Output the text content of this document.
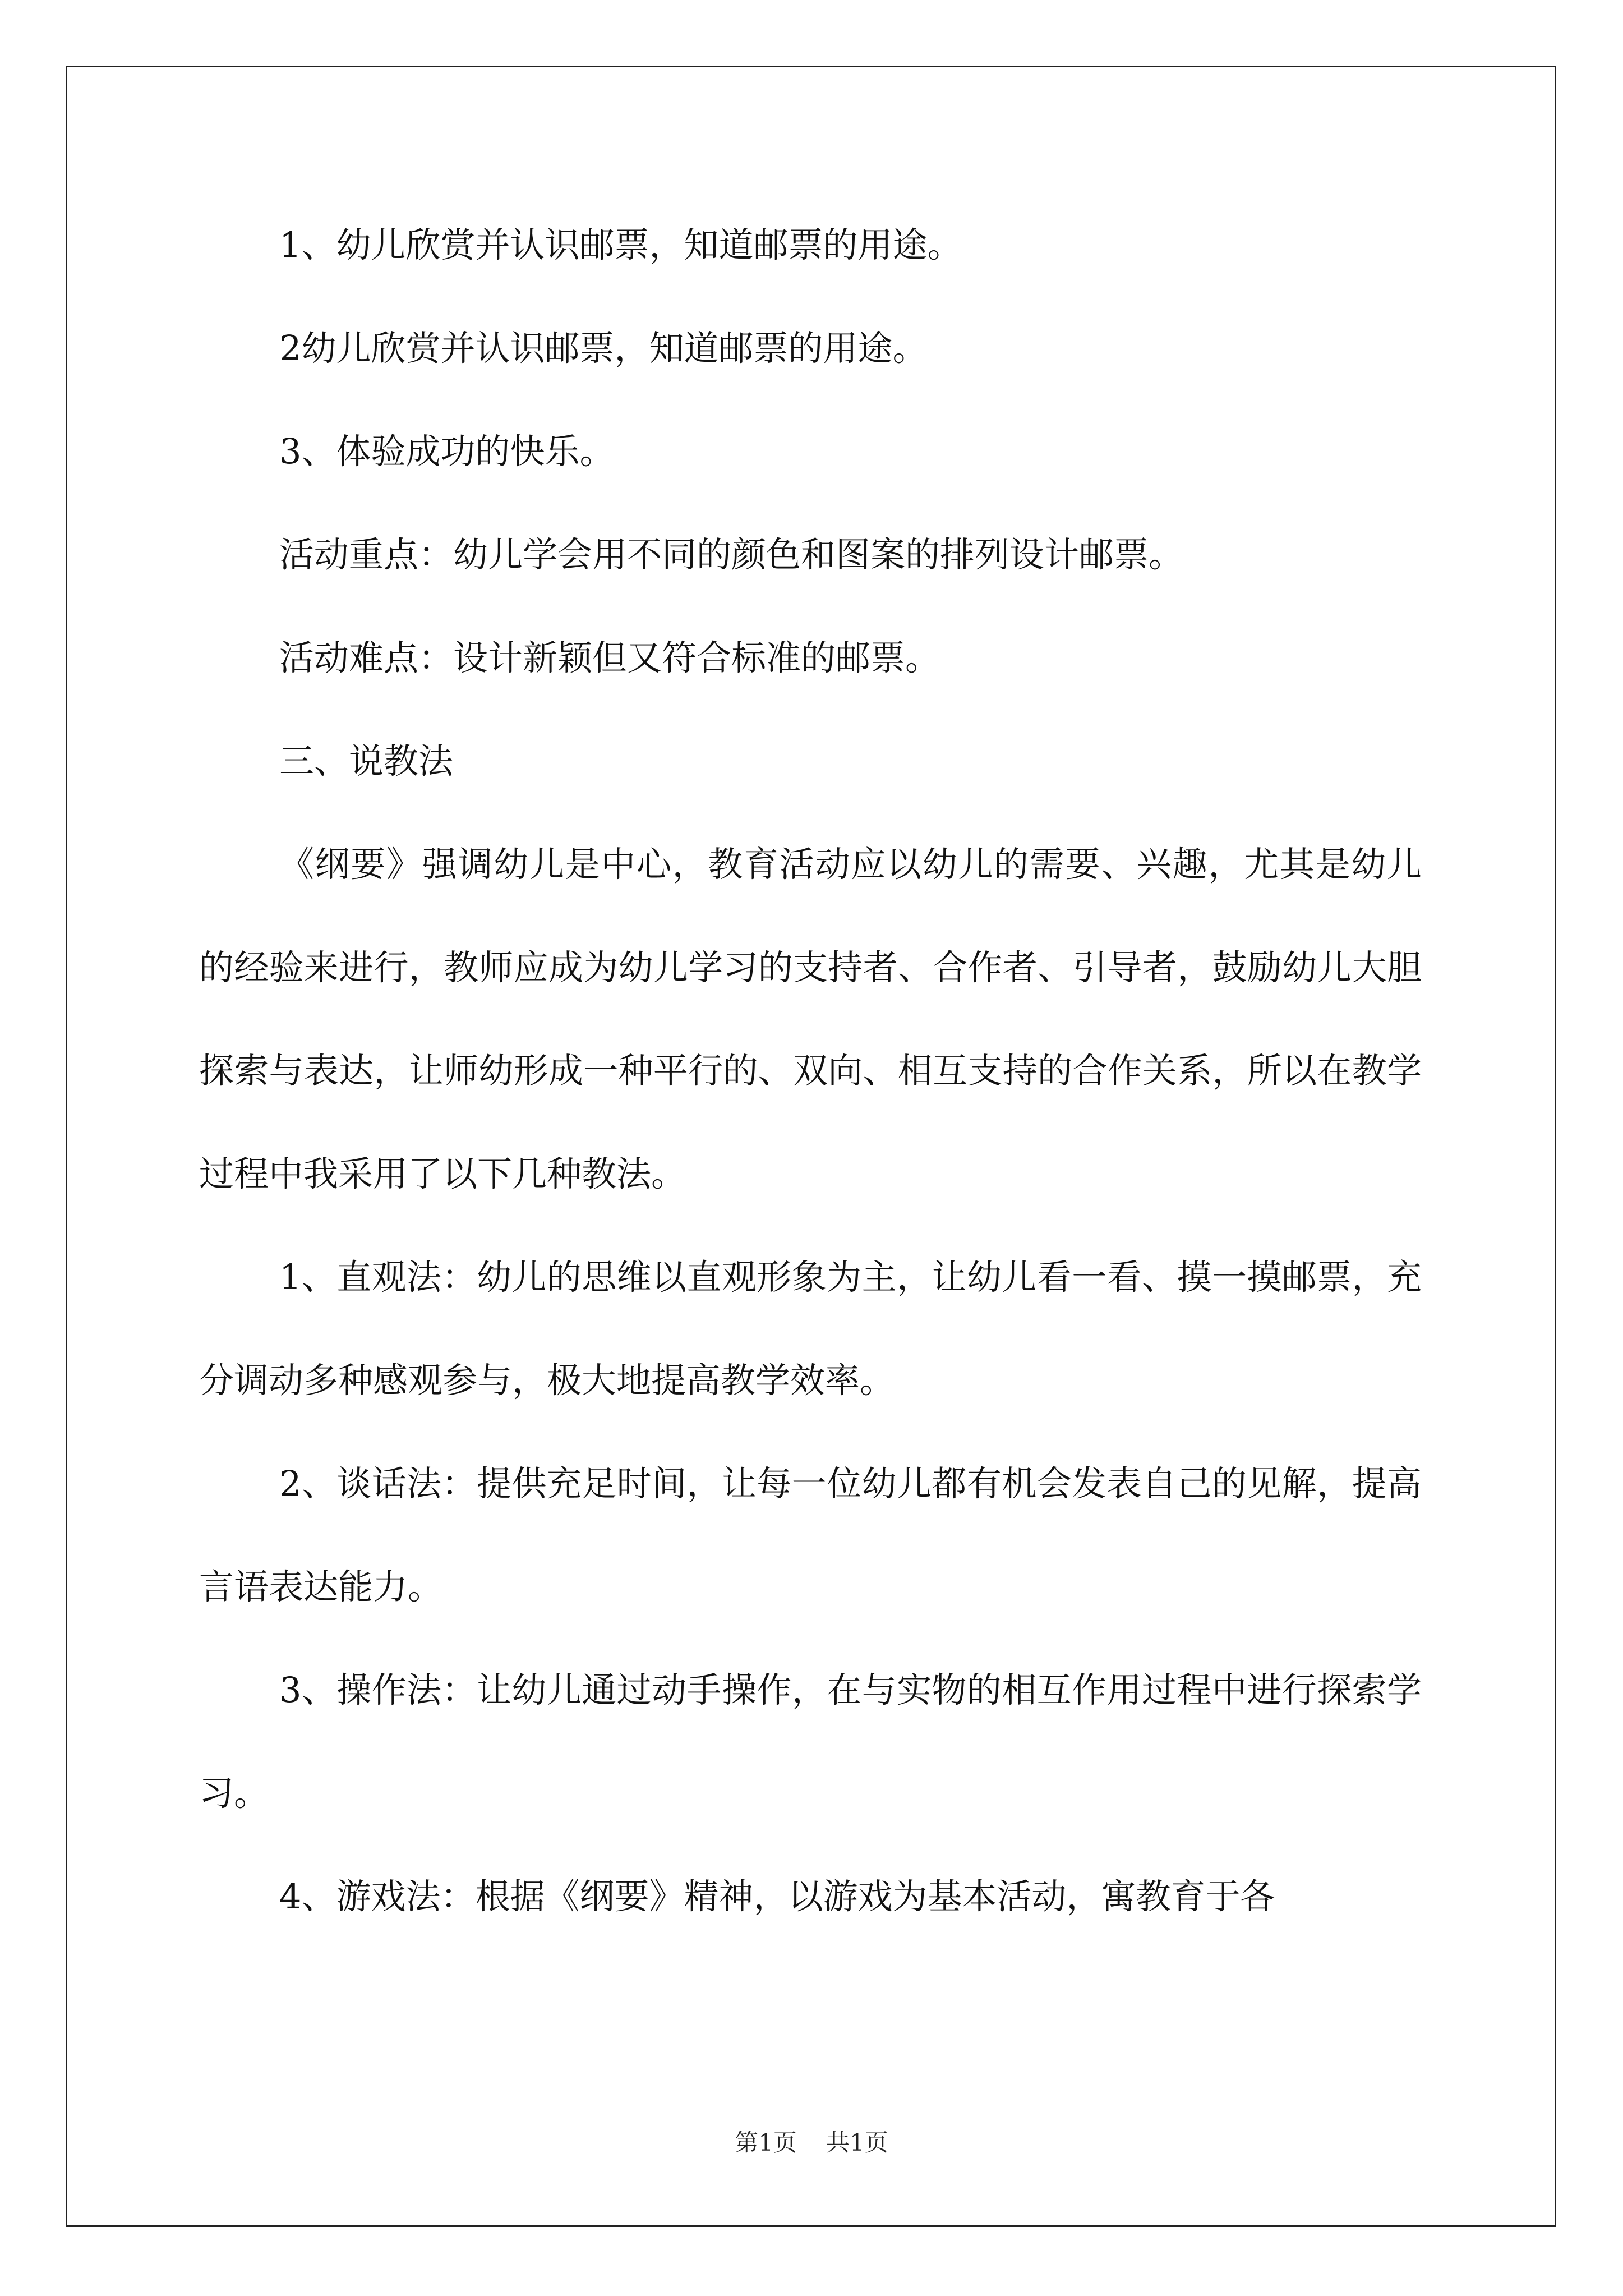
1、幼儿欣赏并认识邮票，知道邮票的用途。

2幼儿欣赏并认识邮票，知道邮票的用途。

3、体验成功的快乐。

活动重点：幼儿学会用不同的颜色和图案的排列设计邮票。

活动难点：设计新颖但又符合标准的邮票。

三、说教法

《纲要》强调幼儿是中心，教育活动应以幼儿的需要、兴趣，尤其是幼儿的经验来进行，教师应成为幼儿学习的支持者、合作者、引导者，鼓励幼儿大胆探索与表达，让师幼形成一种平行的、双向、相互支持的合作关系，所以在教学过程中我采用了以下几种教法。

1、直观法：幼儿的思维以直观形象为主，让幼儿看一看、摸一摸邮票，充分调动多种感观参与，极大地提高教学效率。

2、谈话法：提供充足时间，让每一位幼儿都有机会发表自己的见解，提高言语表达能力。

3、操作法：让幼儿通过动手操作，在与实物的相互作用过程中进行探索学习。

4、游戏法：根据《纲要》精神，以游戏为基本活动，寓教育于各

第1页 共1页
